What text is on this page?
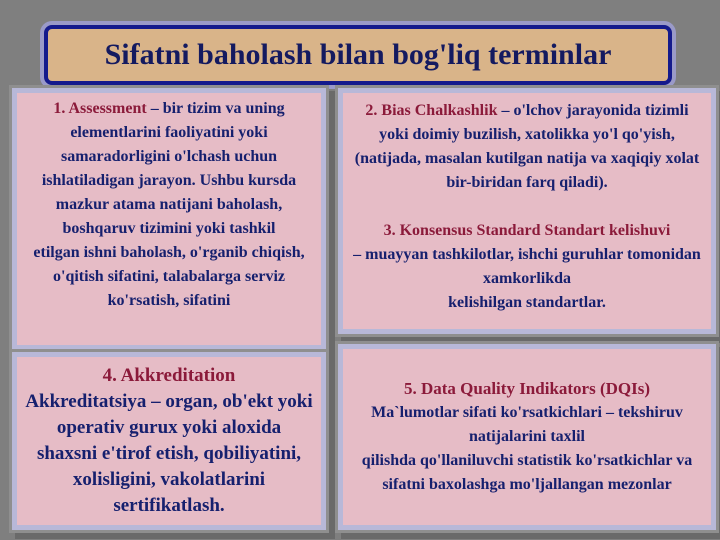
Sifatni baholash bilan bog'liq terminlar
1. Assessment – bir tizim va uning elementlarini faoliyatini yoki samaradorligini o'lchash uchun ishlatiladigan jarayon. Ushbu kursda mazkur atama natijani baholash, boshqaruv tizimini yoki tashkil
etilgan ishni baholash, o'rganib chiqish, o'qitish sifatini, talabalarga serviz ko'rsatish, sifatini
2. Bias Chalkashlik – o'lchov jarayonida tizimli yoki doimiy buzilish, xatolikka yo'l qo'yish, (natijada, masalan kutilgan natija va xaqiqiy xolat bir-biridan farq qiladi).
3. Konsensus Standard Standart kelishuvi
– muayyan tashkilotlar, ishchi guruhlar tomonidan xamkorlikda
kelishilgan standartlar.
4. Akkreditation
Akkreditatsiya – organ, ob'ekt yoki operativ gurux yoki aloxida shaxsni e'tirof etish, qobiliyatini, xolisligini, vakolatlarini sertifikatlash.
5. Data Quality Indikators (DQIs)
Ma`lumotlar sifati ko'rsatkichlari – tekshiruv natijalarini taxlil
qilishda qo'llaniluvchi statistik ko'rsatkichlar va sifatni baxolashga mo'ljallangan mezonlar
